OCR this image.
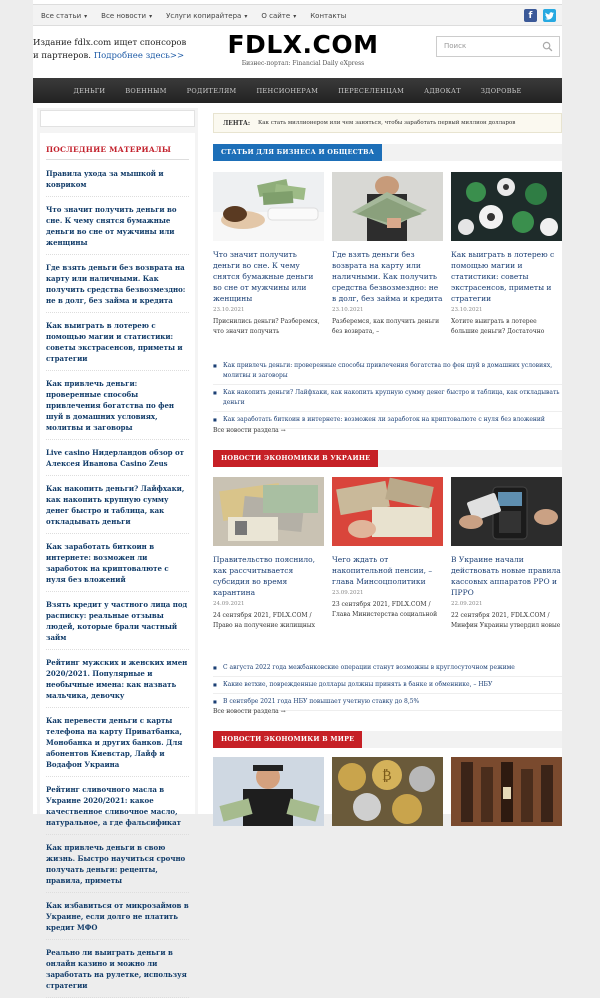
Все статьи ▾ Все новости ▾ Услуги копирайтера ▾ О сайте ▾ Контакты	f
Издание fdlx.com ищет спонсоров и партнеров. Подробнее здесь>>	FDLX.COM
Бизнес-портал: Financial Daily eXpress
Поиск
ДЕНЬГИ	ВОЕННЫМ	РОДИТЕЛЯМ	ПЕНСИОНЕРАМ	ПЕРЕСЕЛЕНЦАМ	АДВОКАТ	ЗДОРОВЬЕ
ПОСЛЕДНИЕ МАТЕРИАЛЫ
Правила ухода за мышкой и ковриком
Что значит получить деньги во сне. К чему снятся бумажные деньги во сне от мужчины или женщины
Где взять деньги без возврата на карту или наличными. Как получить средства безвозмездно: не в долг, без займа и кредита
Как выиграть в лотерею с помощью магии и статистики: советы экстрасенсов, приметы и стратегии
Как привлечь деньги: проверенные способы привлечения богатства по фен шуй в домашних условиях, молитвы и заговоры
Live casino Нидерландов обзор от Алексея Иванова Casino Zeus
Как накопить деньги? Лайфхаки, как накопить крупную сумму денег быстро и таблица, как откладывать деньги
Как заработать биткоин в интернете: возможен ли заработок на криптовалюте с нуля без вложений
Взять кредит у частного лица под расписку: реальные отзывы людей, которые брали частный займ
Рейтинг мужских и женских имен 2020/2021. Популярные и необычные имена: как назвать мальчика, девочку
Как перевести деньги с карты телефона на карту Приватбанка, Монобанка и других банков. Для абонентов Киевстар, Лайф и Водафон Украина
Рейтинг сливочного масла в Украине 2020/2021: какое качественное сливочное масло, натуральное, а где фальсификат
Как привлечь деньги в свою жизнь. Быстро научиться срочно получать деньги: рецепты, правила, приметы
Как избавиться от микрозаймов в Украине, если долго не платить кредит МФО
Реально ли выиграть деньги в онлайн казино и можно ли заработать на рулетке, используя стратегии
ЛЕНТА:	Как стать миллионером или чем заняться, чтобы заработать первый миллион долларов
СТАТЬИ ДЛЯ БИЗНЕСА И ОБЩЕСТВА
Что значит получить деньги во сне. К чему снятся бумажные деньги во сне от мужчины или женщины
23.10.2021
Приснились деньги? Разберемся, что значит получить
Где взять деньги без возврата на карту или наличными. Как получить средства безвозмездно: не в долг, без займа и кредита
23.10.2021
Разберемся, как получить деньги без возврата, –
Как выиграть в лотерею с помощью магии и статистики: советы экстрасенсов, приметы и стратегии
23.10.2021
Хотите выиграть в лотерее большие деньги? Достаточно
■ Как привлечь деньги: проверенные способы привлечения богатства по фен шуй в домашних условиях, молитвы и заговоры
■ Как накопить деньги? Лайфхаки, как накопить крупную сумму денег быстро и таблица, как откладывать деньги
■ Как заработать биткоин в интернете: возможен ли заработок на криптовалюте с нуля без вложений
Все новости раздела →
НОВОСТИ ЭКОНОМИКИ В УКРАИНЕ
Правительство пояснило, как рассчитывается субсидия во время карантина
24.09.2021
24 сентября 2021, FDLX.COM / Право на получение жилищных
Чего ждать от накопительной пенсии, – глава Минсоцполитики
23.09.2021
23 сентября 2021, FDLX.COM / Глава Министерства социальной
В Украине начали действовать новые правила кассовых аппаратов РРО и ПРРО
22.09.2021
22 сентября 2021, FDLX.COM / Минфин Украины утвердил новые
■ С августа 2022 года межбанковские операции станут возможны в круглосуточном режиме
■ Какие ветхие, поврежденные доллары должны принять в банке и обменнике, – НБУ
■ В сентябре 2021 года НБУ повышает учетную ставку до 8,5%
Все новости раздела →
НОВОСТИ ЭКОНОМИКИ В МИРЕ
₿
